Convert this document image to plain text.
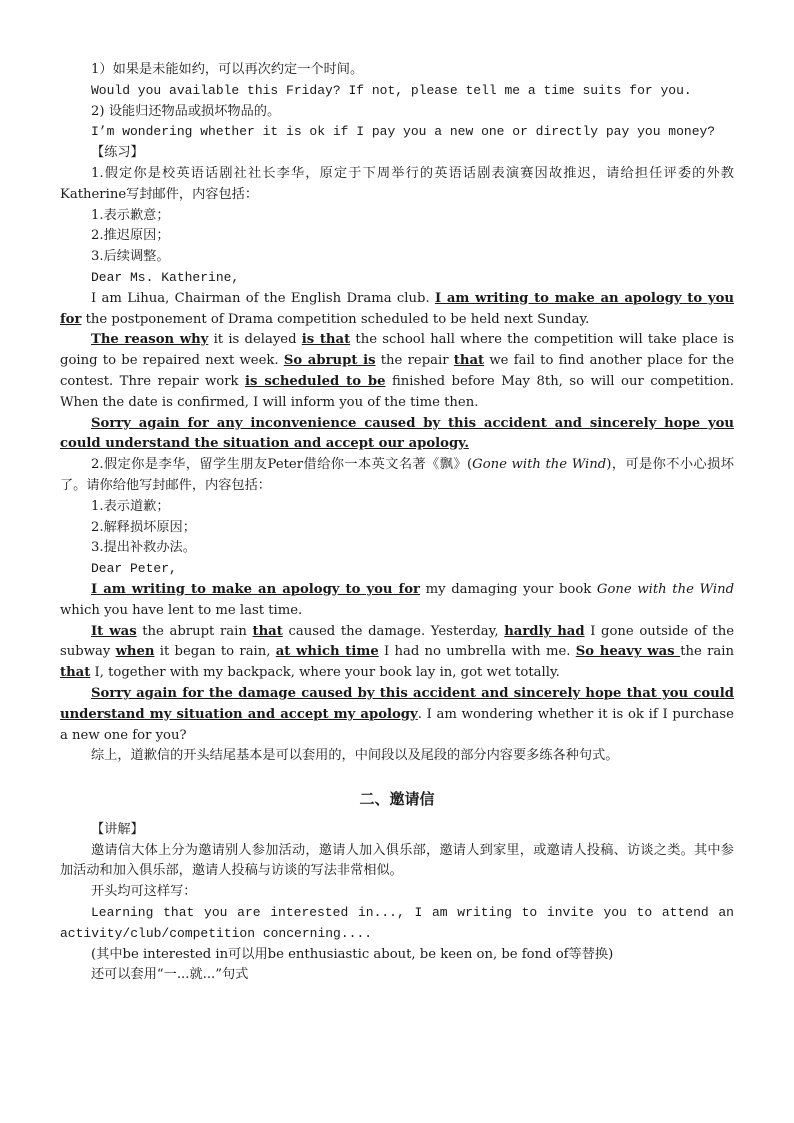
1）如果是未能如约，可以再次约定一个时间。

Would you available this Friday? If not, please tell me a time suits for you.

2) 设能归还物品或损坏物品的。

I’m wondering whether it is ok if I pay you a new one or directly pay you money?

【练习】

1.假定你是校英语话剧社社长李华，原定于下周举行的英语话剧表演赛因故推迟，请给担任评委的外教Katherine写封邮件，内容包括：

1.表示歉意；

2.推迟原因；

3.后续调整。

Dear Ms. Katherine,

I am Lihua, Chairman of the English Drama club. I am writing to make an apology to you for the postponement of Drama competition scheduled to be held next Sunday.

The reason why it is delayed is that the school hall where the competition will take place is going to be repaired next week. So abrupt is the repair that we fail to find another place for the contest. Thre repair work is scheduled to be finished before May 8th, so will our competition. When the date is confirmed, I will inform you of the time then.

Sorry again for any inconvenience caused by this accident and sincerely hope you could understand the situation and accept our apology.

2.假定你是李华，留学生朋友Peter借给你一本英文名著《飘》(Gone with the Wind)，可是你不小心损坏了。请你给他写封邮件，内容包括：

1.表示道歉；

2.解释损坏原因；

3.提出补救办法。

Dear Peter,

I am writing to make an apology to you for my damaging your book Gone with the Wind which you have lent to me last time.

It was the abrupt rain that caused the damage. Yesterday, hardly had I gone outside of the subway when it began to rain, at which time I had no umbrella with me. So heavy was the rain that I, together with my backpack, where your book lay in, got wet totally.

Sorry again for the damage caused by this accident and sincerely hope that you could understand my situation and accept my apology. I am wondering whether it is ok if I purchase a new one for you?

综上，道歉信的开头结尾基本是可以套用的，中间段以及尾段的部分内容要多练各种句式。

二、邀请信

【讲解】

邀请信大体上分为邀请别人参加活动，邀请人加入俱乐部，邀请人到家里，或邀请人投稿、访谈之类。其中参加活动和加入俱乐部，邀请人投稿与访谈的写法非常相似。

开头均可这样写：

Learning that you are interested in..., I am writing to invite you to attend an activity/club/competition concerning....

(其中be interested in可以用be enthusiastic about, be keen on, be fond of等替换)

还可以套用“一...就...”句式
